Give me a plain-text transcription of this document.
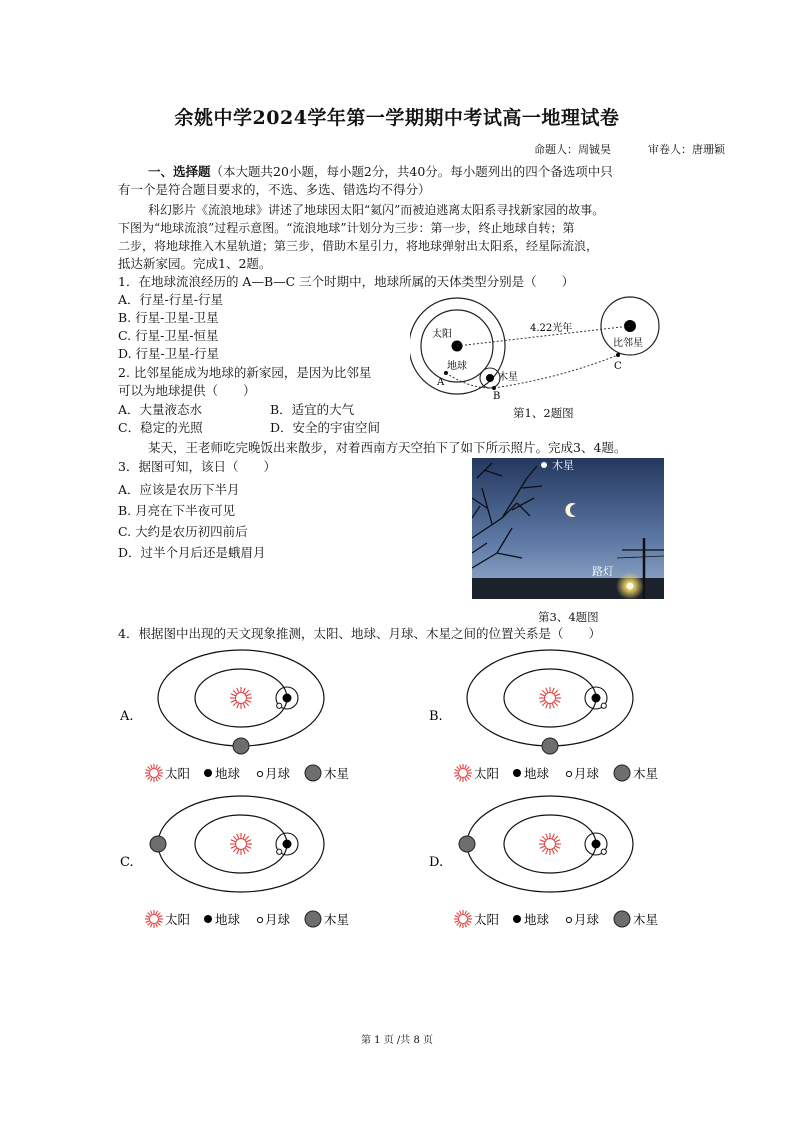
余姚中学2024学年第一学期期中考试高一地理试卷
命题人：周铖昊	审卷人：唐珊颖
一、选择题（本大题共20小题，每小题2分，共40分。每小题列出的四个备选项中只
有一个是符合题目要求的，不选、多选、错选均不得分）
科幻影片《流浪地球》讲述了地球因太阳“氦闪”而被迫逃离太阳系寻找新家园的故事。
下图为“地球流浪”过程示意图。“流浪地球”计划分为三步：第一步，终止地球自转；第
二步，将地球推入木星轨道；第三步，借助木星引力，将地球弹射出太阳系，经星际流浪，
抵达新家园。完成1、2题。
1．在地球流浪经历的 A—B—C 三个时期中，地球所属的天体类型分别是（　　）
A．行星-行星-行星
B. 行星-卫星-卫星
C. 行星-卫星-恒星
D. 行星-卫星-行星
2. 比邻星能成为地球的新家园，是因为比邻星
可以为地球提供（　　）
A．大量液态水	B．适宜的大气
C．稳定的光照	D．安全的宇宙空间
太阳
地球
木星
比邻星
4.22光年
A
B
C
第1、2题图
某天，王老师吃完晚饭出来散步，对着西南方天空拍下了如下所示照片。完成3、4题。
3．据图可知，该日（　　）
A．应该是农历下半月
B. 月亮在下半夜可见
C. 大约是农历初四前后
D．过半个月后还是蛾眉月
木星
路灯
第3、4题图
4．根据图中出现的天文现象推测，太阳、地球、月球、木星之间的位置关系是（　　）
A.
太阳 地球 月球	木星
B.
太阳 地球 月球	木星
C.
太阳 地球 月球	木星
D.
太阳 地球 月球	木星
第 1 页 /共 8 页
